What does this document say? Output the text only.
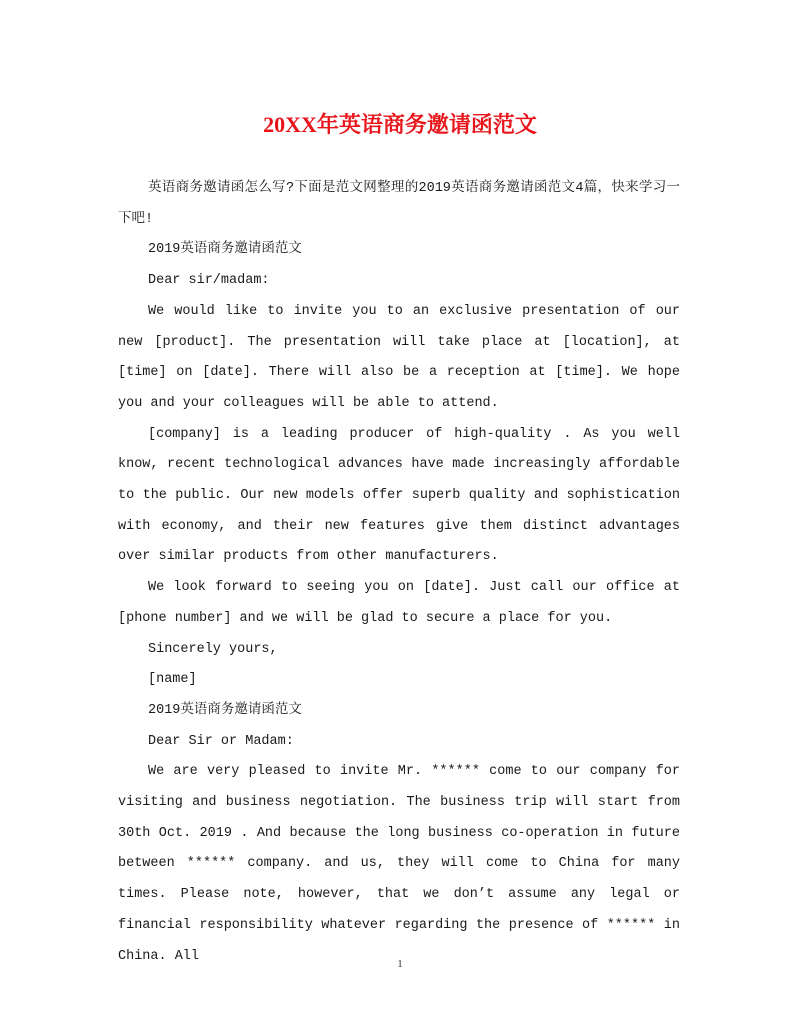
20XX年英语商务邀请函范文

英语商务邀请函怎么写?下面是范文网整理的2019英语商务邀请函范文4篇，快来学习一下吧!

2019英语商务邀请函范文

Dear sir/madam:

We would like to invite you to an exclusive presentation of our new [product]. The presentation will take place at [location], at [time] on [date]. There will also be a reception at [time]. We hope you and your colleagues will be able to attend.

[company] is a leading producer of high-quality . As you well know, recent technological advances have made increasingly affordable to the public. Our new models offer superb quality and sophistication with economy, and their new features give them distinct advantages over similar products from other manufacturers.

We look forward to seeing you on [date]. Just call our office at [phone number] and we will be glad to secure a place for you.

Sincerely yours,

[name]

2019英语商务邀请函范文

Dear Sir or Madam:

We are very pleased to invite Mr. ****** come to our company for visiting and business negotiation. The business trip will start from 30th Oct. 2019 . And because the long business co-operation in future between ****** company. and us, they will come to China for many times. Please note, however, that we don’t assume any legal or financial responsibility whatever regarding the presence of ****** in China. All

1
